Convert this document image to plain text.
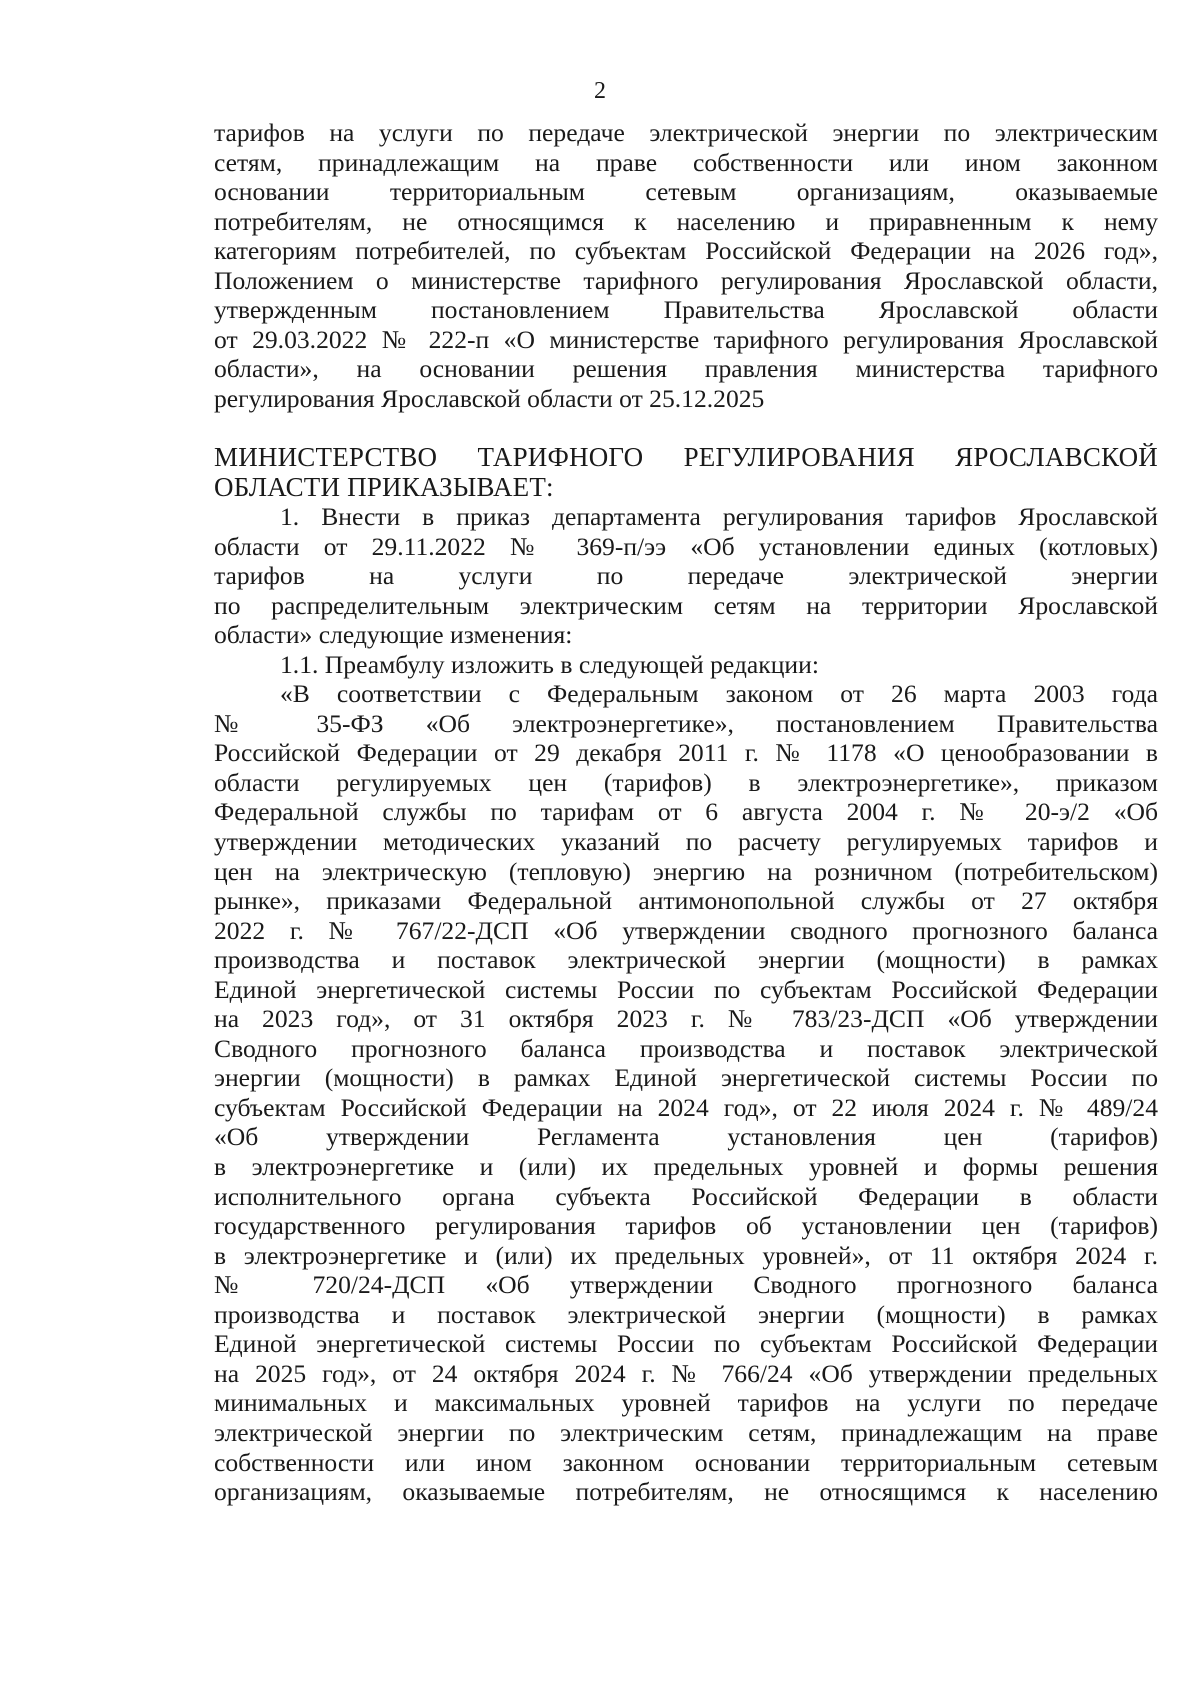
2
тарифов на услуги по передаче электрической энергии по электрическим
сетям, принадлежащим на праве собственности или ином законном
основании территориальным сетевым организациям, оказываемые
потребителям, не относящимся к населению и приравненным к нему
категориям потребителей, по субъектам Российской Федерации на 2026 год»,
Положением о министерстве тарифного регулирования Ярославской области,
утвержденным постановлением Правительства Ярославской области
от 29.03.2022 № 222-п «О министерстве тарифного регулирования Ярославской
области», на основании решения правления министерства тарифного
регулирования Ярославской области от 25.12.2025
МИНИСТЕРСТВО ТАРИФНОГО РЕГУЛИРОВАНИЯ ЯРОСЛАВСКОЙ
ОБЛАСТИ ПРИКАЗЫВАЕТ:
1. Внести в приказ департамента регулирования тарифов Ярославской
области от 29.11.2022 № 369-п/ээ «Об установлении единых (котловых)
тарифов на услуги по передаче электрической энергии
по распределительным электрическим сетям на территории Ярославской
области» следующие изменения:
1.1. Преамбулу изложить в следующей редакции:
«В соответствии с Федеральным законом от 26 марта 2003 года
№ 35-ФЗ «Об электроэнергетике», постановлением Правительства
Российской Федерации от 29 декабря 2011 г. № 1178 «О ценообразовании в
области регулируемых цен (тарифов) в электроэнергетике», приказом
Федеральной службы по тарифам от 6 августа 2004 г. № 20-э/2 «Об
утверждении методических указаний по расчету регулируемых тарифов и
цен на электрическую (тепловую) энергию на розничном (потребительском)
рынке», приказами Федеральной антимонопольной службы от 27 октября
2022 г. № 767/22-ДСП «Об утверждении сводного прогнозного баланса
производства и поставок электрической энергии (мощности) в рамках
Единой энергетической системы России по субъектам Российской Федерации
на 2023 год», от 31 октября 2023 г. № 783/23-ДСП «Об утверждении
Сводного прогнозного баланса производства и поставок электрической
энергии (мощности) в рамках Единой энергетической системы России по
субъектам Российской Федерации на 2024 год», от 22 июля 2024 г. № 489/24
«Об утверждении Регламента установления цен (тарифов)
в электроэнергетике и (или) их предельных уровней и формы решения
исполнительного органа субъекта Российской Федерации в области
государственного регулирования тарифов об установлении цен (тарифов)
в электроэнергетике и (или) их предельных уровней», от 11 октября 2024 г.
№ 720/24-ДСП «Об утверждении Сводного прогнозного баланса
производства и поставок электрической энергии (мощности) в рамках
Единой энергетической системы России по субъектам Российской Федерации
на 2025 год», от 24 октября 2024 г. № 766/24 «Об утверждении предельных
минимальных и максимальных уровней тарифов на услуги по передаче
электрической энергии по электрическим сетям, принадлежащим на праве
собственности или ином законном основании территориальным сетевым
организациям, оказываемые потребителям, не относящимся к населению
